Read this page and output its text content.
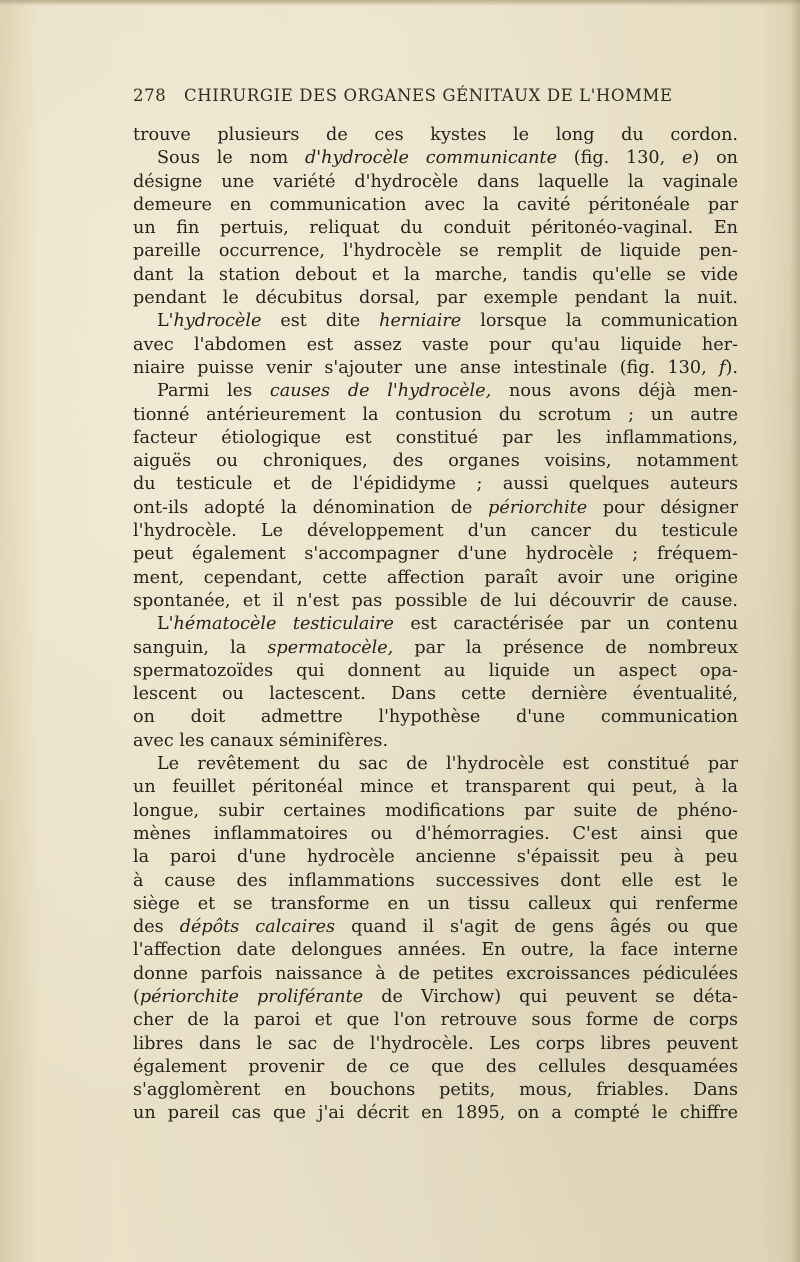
278 CHIRURGIE DES ORGANES GÉNITAUX DE L'HOMME
trouve plusieurs de ces kystes le long du cordon.
Sous le nom d'hydrocèle communicante (fig. 130, e) on
désigne une variété d'hydrocèle dans laquelle la vaginale
demeure en communication avec la cavité péritonéale par
un fin pertuis, reliquat du conduit péritonéo-vaginal. En
pareille occurrence, l'hydrocèle se remplit de liquide pen-
dant la station debout et la marche, tandis qu'elle se vide
pendant le décubitus dorsal, par exemple pendant la nuit.
L'hydrocèle est dite herniaire lorsque la communication
avec l'abdomen est assez vaste pour qu'au liquide her-
niaire puisse venir s'ajouter une anse intestinale (fig. 130, f).
Parmi les causes de l'hydrocèle, nous avons déjà men-
tionné antérieurement la contusion du scrotum ; un autre
facteur étiologique est constitué par les inflammations,
aiguës ou chroniques, des organes voisins, notamment
du testicule et de l'épididyme ; aussi quelques auteurs
ont-ils adopté la dénomination de périorchite pour désigner
l'hydrocèle. Le développement d'un cancer du testicule
peut également s'accompagner d'une hydrocèle ; fréquem-
ment, cependant, cette affection paraît avoir une origine
spontanée, et il n'est pas possible de lui découvrir de cause.
L'hématocèle testiculaire est caractérisée par un contenu
sanguin, la spermatocèle, par la présence de nombreux
spermatozoïdes qui donnent au liquide un aspect opa-
lescent ou lactescent. Dans cette dernière éventualité,
on doit admettre l'hypothèse d'une communication
avec les canaux séminifères.
Le revêtement du sac de l'hydrocèle est constitué par
un feuillet péritonéal mince et transparent qui peut, à la
longue, subir certaines modifications par suite de phéno-
mènes inflammatoires ou d'hémorragies. C'est ainsi que
la paroi d'une hydrocèle ancienne s'épaissit peu à peu
à cause des inflammations successives dont elle est le
siège et se transforme en un tissu calleux qui renferme
des dépôts calcaires quand il s'agit de gens âgés ou que
l'affection date delongues années. En outre, la face interne
donne parfois naissance à de petites excroissances pédiculées
(périorchite proliférante de Virchow) qui peuvent se déta-
cher de la paroi et que l'on retrouve sous forme de corps
libres dans le sac de l'hydrocèle. Les corps libres peuvent
également provenir de ce que des cellules desquamées
s'agglomèrent en bouchons petits, mous, friables. Dans
un pareil cas que j'ai décrit en 1895, on a compté le chiffre
